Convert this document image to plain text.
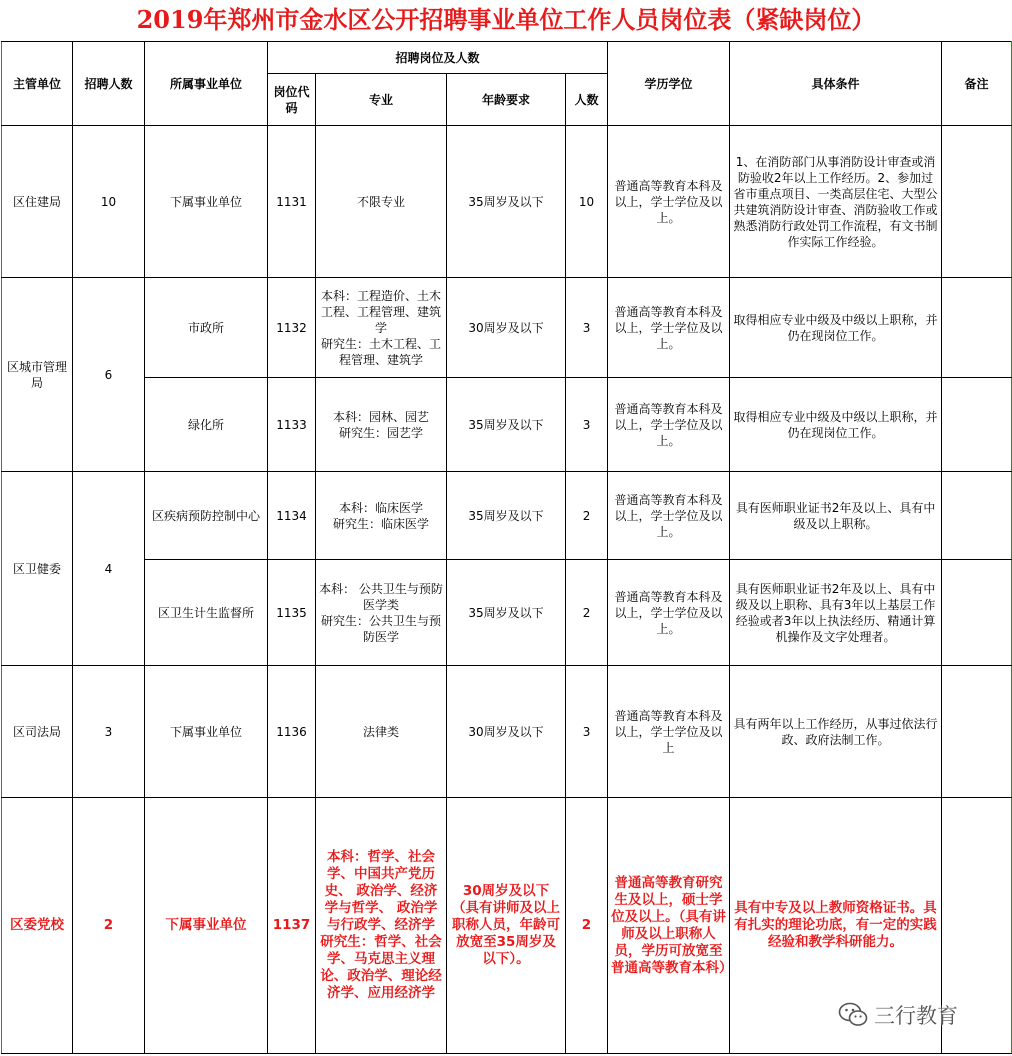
2019年郑州市金水区公开招聘事业单位工作人员岗位表（紧缺岗位）
主管单位	招聘人数	所属事业单位	招聘岗位及人数				学历学位	具体条件	备注
			岗位代码	专业	年龄要求	人数			
区住建局	10	下属事业单位	1131	不限专业	35周岁及以下	10	普通高等教育本科及以上，学士学位及以上。	1、在消防部门从事消防设计审查或消防验收2年以上工作经历。2、参加过省市重点项目、一类高层住宅、大型公共建筑消防设计审查、消防验收工作或熟悉消防行政处罚工作流程，有文书制作实际工作经验。	
区城市管理局	6	市政所	1132	本科：工程造价、土木工程、工程管理、建筑学
研究生：土木工程、工程管理、建筑学	30周岁及以下	3	普通高等教育本科及以上，学士学位及以上。	取得相应专业中级及中级以上职称，并仍在现岗位工作。	
		绿化所	1133	本科：园林、园艺
研究生：园艺学	35周岁及以下	3	普通高等教育本科及以上，学士学位及以上。	取得相应专业中级及中级以上职称，并仍在现岗位工作。	
区卫健委	4	区疾病预防控制中心	1134	本科：临床医学
研究生：临床医学	35周岁及以下	2	普通高等教育本科及以上，学士学位及以上。	具有医师职业证书2年及以上、具有中级及以上职称。	
		区卫生计生监督所	1135	本科： 公共卫生与预防医学类
研究生：公共卫生与预防医学	35周岁及以下	2	普通高等教育本科及以上，学士学位及以上。	具有医师职业证书2年及以上、具有中级及以上职称、具有3年以上基层工作经验或者3年以上执法经历、精通计算机操作及文字处理者。	
区司法局	3	下属事业单位	1136	法律类	30周岁及以下	3	普通高等教育本科及以上，学士学位及以上	具有两年以上工作经历，从事过依法行政、政府法制工作。	
区委党校	2	下属事业单位	1137	本科：哲学、社会学、中国共产党历史、 政治学、经济学与哲学、 政治学与行政学、经济学
研究生：哲学、社会学、马克思主义理论、政治学、理论经济学、应用经济学	30周岁及以下（具有讲师及以上职称人员，年龄可放宽至35周岁及以下）。	2	普通高等教育研究生及以上，硕士学位及以上。（具有讲师及以上职称人员，学历可放宽至普通高等教育本科）	具有中专及以上教师资格证书。具有扎实的理论功底，有一定的实践经验和教学科研能力。	
三行教育
